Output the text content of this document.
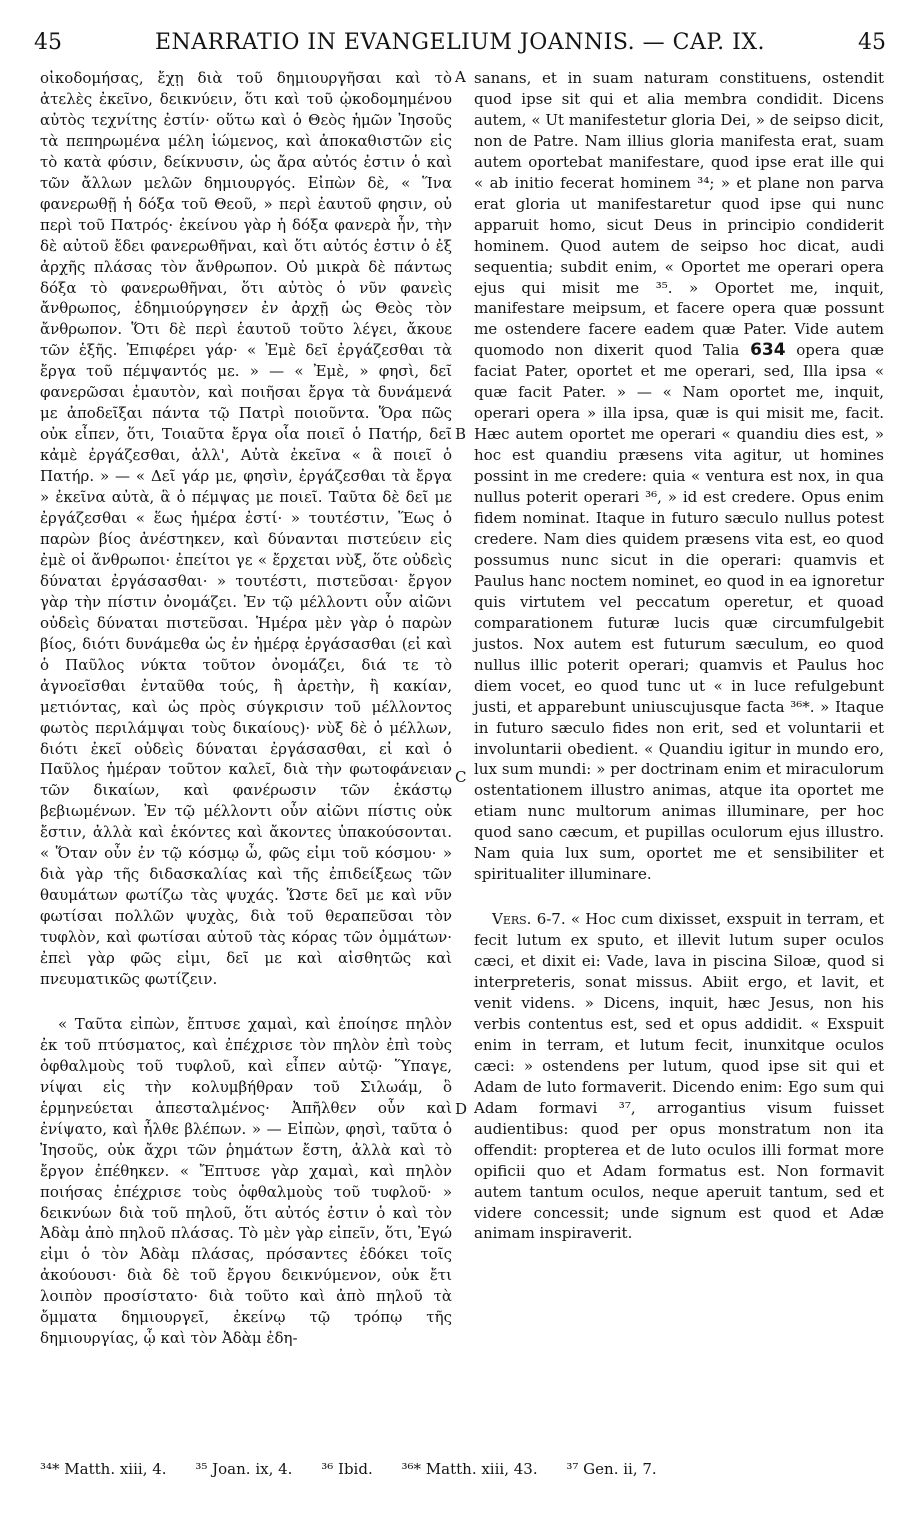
45	ENARRATIO IN EVANGELIUM JOANNIS. — CAP. IX.	45

οἰκοδομήσας, ἔχῃ διὰ τοῦ δημιουργῆσαι καὶ τὸ ἀτελὲς ἐκεῖνο, δεικνύειν, ὅτι καὶ τοῦ ᾠκοδομημένου αὐτὸς τεχνίτης ἐστίν· οὕτω καὶ ὁ Θεὸς ἡμῶν Ἰησοῦς τὰ πεπηρωμένα μέλη ἰώμενος, καὶ ἀποκαθιστῶν εἰς τὸ κατὰ φύσιν, δείκνυσιν, ὡς ἄρα αὐτός ἐστιν ὁ καὶ τῶν ἄλλων μελῶν δημιουργός. Εἰπὼν δὲ, « Ἵνα φανερωθῇ ἡ δόξα τοῦ Θεοῦ, » περὶ ἑαυτοῦ φησιν, οὐ περὶ τοῦ Πατρός· ἐκείνου γὰρ ἡ δόξα φανερὰ ἦν, τὴν δὲ αὐτοῦ ἔδει φανερωθῆναι, καὶ ὅτι αὐτός ἐστιν ὁ ἐξ ἀρχῆς πλάσας τὸν ἄνθρωπον. Οὐ μικρὰ δὲ πάντως δόξα τὸ φανερωθῆναι, ὅτι αὐτὸς ὁ νῦν φανεὶς ἄνθρωπος, ἐδημιούργησεν ἐν ἀρχῇ ὡς Θεὸς τὸν ἄνθρωπον. Ὅτι δὲ περὶ ἑαυτοῦ τοῦτο λέγει, ἄκουε τῶν ἑξῆς. Ἐπιφέρει γάρ· « Ἐμὲ δεῖ ἐργάζεσθαι τὰ ἔργα τοῦ πέμψαντός με. » — « Ἐμὲ, » φησὶ, δεῖ φανερῶσαι ἐμαυτὸν, καὶ ποιῆσαι ἔργα τὰ δυνάμενά με ἀποδεῖξαι πάντα τῷ Πατρὶ ποιοῦντα. Ὅρα πῶς οὐκ εἶπεν, ὅτι, Τοιαῦτα ἔργα οἷα ποιεῖ ὁ Πατήρ, δεῖ κἀμὲ ἐργάζεσθαι, ἀλλ', Αὐτὰ ἐκεῖνα « ἃ ποιεῖ ὁ Πατήρ. » — « Δεῖ γάρ με, φησὶν, ἐργάζεσθαι τὰ ἔργα » ἐκεῖνα αὐτὰ, ἃ ὁ πέμψας με ποιεῖ. Ταῦτα δὲ δεῖ με ἐργάζεσθαι « ἕως ἡμέρα ἐστί· » τουτέστιν, Ἕως ὁ παρὼν βίος ἀνέστηκεν, καὶ δύνανται πιστεύειν εἰς ἐμὲ οἱ ἄνθρωποι· ἐπείτοι γε « ἔρχεται νὺξ, ὅτε οὐδεὶς δύναται ἐργάσασθαι· » τουτέστι, πιστεῦσαι· ἔργον γὰρ τὴν πίστιν ὀνομάζει. Ἐν τῷ μέλλοντι οὖν αἰῶνι οὐδεὶς δύναται πιστεῦσαι. Ἡμέρα μὲν γὰρ ὁ παρὼν βίος, διότι δυνάμεθα ὡς ἐν ἡμέρᾳ ἐργάσασθαι (εἰ καὶ ὁ Παῦλος νύκτα τοῦτον ὀνομάζει, διά τε τὸ ἀγνοεῖσθαι ἐνταῦθα τούς, ἢ ἀρετὴν, ἢ κακίαν, μετιόντας, καὶ ὡς πρὸς σύγκρισιν τοῦ μέλλοντος φωτὸς περιλάμψαι τοὺς δικαίους)· νὺξ δὲ ὁ μέλλων, διότι ἐκεῖ οὐδεὶς δύναται ἐργάσασθαι, εἰ καὶ ὁ Παῦλος ἡμέραν τοῦτον καλεῖ, διὰ τὴν φωτοφάνειαν τῶν δικαίων, καὶ φανέρωσιν τῶν ἑκάστῳ βεβιωμένων. Ἐν τῷ μέλλοντι οὖν αἰῶνι πίστις οὐκ ἔστιν, ἀλλὰ καὶ ἑκόντες καὶ ἄκοντες ὑπακούσονται. « Ὅταν οὖν ἐν τῷ κόσμῳ ὦ, φῶς εἰμι τοῦ κόσμου· » διὰ γὰρ τῆς διδασκαλίας καὶ τῆς ἐπιδείξεως τῶν θαυμάτων φωτίζω τὰς ψυχάς. Ὥστε δεῖ με καὶ νῦν φωτίσαι πολλῶν ψυχὰς, διὰ τοῦ θεραπεῦσαι τὸν τυφλὸν, καὶ φωτίσαι αὐτοῦ τὰς κόρας τῶν ὀμμάτων· ἐπεὶ γὰρ φῶς εἰμι, δεῖ με καὶ αἰσθητῶς καὶ πνευματικῶς φωτίζειν.

« Ταῦτα εἰπὼν, ἔπτυσε χαμαὶ, καὶ ἐποίησε πηλὸν ἐκ τοῦ πτύσματος, καὶ ἐπέχρισε τὸν πηλὸν ἐπὶ τοὺς ὀφθαλμοὺς τοῦ τυφλοῦ, καὶ εἶπεν αὐτῷ· Ὕπαγε, νίψαι εἰς τὴν κολυμβήθραν τοῦ Σιλωάμ, ὃ ἑρμηνεύεται ἀπεσταλμένος· Ἀπῆλθεν οὖν καὶ ἐνίψατο, καὶ ἦλθε βλέπων. » — Εἰπὼν, φησὶ, ταῦτα ὁ Ἰησοῦς, οὐκ ἄχρι τῶν ῥημάτων ἔστη, ἀλλὰ καὶ τὸ ἔργον ἐπέθηκεν. « Ἔπτυσε γὰρ χαμαὶ, καὶ πηλὸν ποιήσας ἐπέχρισε τοὺς ὀφθαλμοὺς τοῦ τυφλοῦ· » δεικνύων διὰ τοῦ πηλοῦ, ὅτι αὐτός ἐστιν ὁ καὶ τὸν Ἀδὰμ ἀπὸ πηλοῦ πλάσας. Τὸ μὲν γὰρ εἰπεῖν, ὅτι, Ἐγώ εἰμι ὁ τὸν Ἀδὰμ πλάσας, πρόσαντες ἐδόκει τοῖς ἀκούουσι· διὰ δὲ τοῦ ἔργου δεικνύμενον, οὐκ ἔτι λοιπὸν προσίστατο· διὰ τοῦτο καὶ ἀπὸ πηλοῦ τὰ ὄμματα δημιουργεῖ, ἐκείνῳ τῷ τρόπῳ τῆς δημιουργίας, ᾧ καὶ τὸν Ἀδὰμ ἐδη-

sanans, et in suam naturam constituens, ostendit quod ipse sit qui et alia membra condidit. Dicens autem, « Ut manifestetur gloria Dei, » de seipso dicit, non de Patre. Nam illius gloria manifesta erat, suam autem oportebat manifestare, quod ipse erat ille qui « ab initio fecerat hominem ³⁴; » et plane non parva erat gloria ut manifestaretur quod ipse qui nunc apparuit homo, sicut Deus in principio condiderit hominem. Quod autem de seipso hoc dicat, audi sequentia; subdit enim, « Oportet me operari opera ejus qui misit me ³⁵. » Oportet me, inquit, manifestare meipsum, et facere opera quæ possunt me ostendere facere eadem quæ Pater. Vide autem quomodo non dixerit quod Talia 634 opera quæ faciat Pater, oportet et me operari, sed, Illa ipsa « quæ facit Pater. » — « Nam oportet me, inquit, operari opera » illa ipsa, quæ is qui misit me, facit. Hæc autem oportet me operari « quandiu dies est, » hoc est quandiu præsens vita agitur, ut homines possint in me credere: quia « ventura est nox, in qua nullus poterit operari ³⁶, » id est credere. Opus enim fidem nominat. Itaque in futuro sæculo nullus potest credere. Nam dies quidem præsens vita est, eo quod possumus nunc sicut in die operari: quamvis et Paulus hanc noctem nominet, eo quod in ea ignoretur quis virtutem vel peccatum operetur, et quoad comparationem futuræ lucis quæ circumfulgebit justos. Nox autem est futurum sæculum, eo quod nullus illic poterit operari; quamvis et Paulus hoc diem vocet, eo quod tunc ut « in luce refulgebunt justi, et apparebunt uniuscujusque facta ³⁶*. » Itaque in futuro sæculo fides non erit, sed et voluntarii et involuntarii obedient. « Quandiu igitur in mundo ero, lux sum mundi: » per doctrinam enim et miraculorum ostentationem illustro animas, atque ita oportet me etiam nunc multorum animas illuminare, per hoc quod sano cæcum, et pupillas oculorum ejus illustro. Nam quia lux sum, oportet me et sensibiliter et spiritualiter illuminare.

Vers. 6-7. « Hoc cum dixisset, exspuit in terram, et fecit lutum ex sputo, et illevit lutum super oculos cæci, et dixit ei: Vade, lava in piscina Siloæ, quod si interpreteris, sonat missus. Abiit ergo, et lavit, et venit videns. » Dicens, inquit, hæc Jesus, non his verbis contentus est, sed et opus addidit. « Exspuit enim in terram, et lutum fecit, inunxitque oculos cæci: » ostendens per lutum, quod ipse sit qui et Adam de luto formaverit. Dicendo enim: Ego sum qui Adam formavi ³⁷, arrogantius visum fuisset audientibus: quod per opus monstratum non ita offendit: propterea et de luto oculos illi format more opificii quo et Adam formatus est. Non formavit autem tantum oculos, neque aperuit tantum, sed et videre concessit; unde signum est quod et Adæ animam inspiraverit.

A
B
C
D
³⁴* Matth. xiii, 4. ³⁵ Joan. ix, 4. ³⁶ Ibid. ³⁶* Matth. xiii, 43. ³⁷ Gen. ii, 7.
